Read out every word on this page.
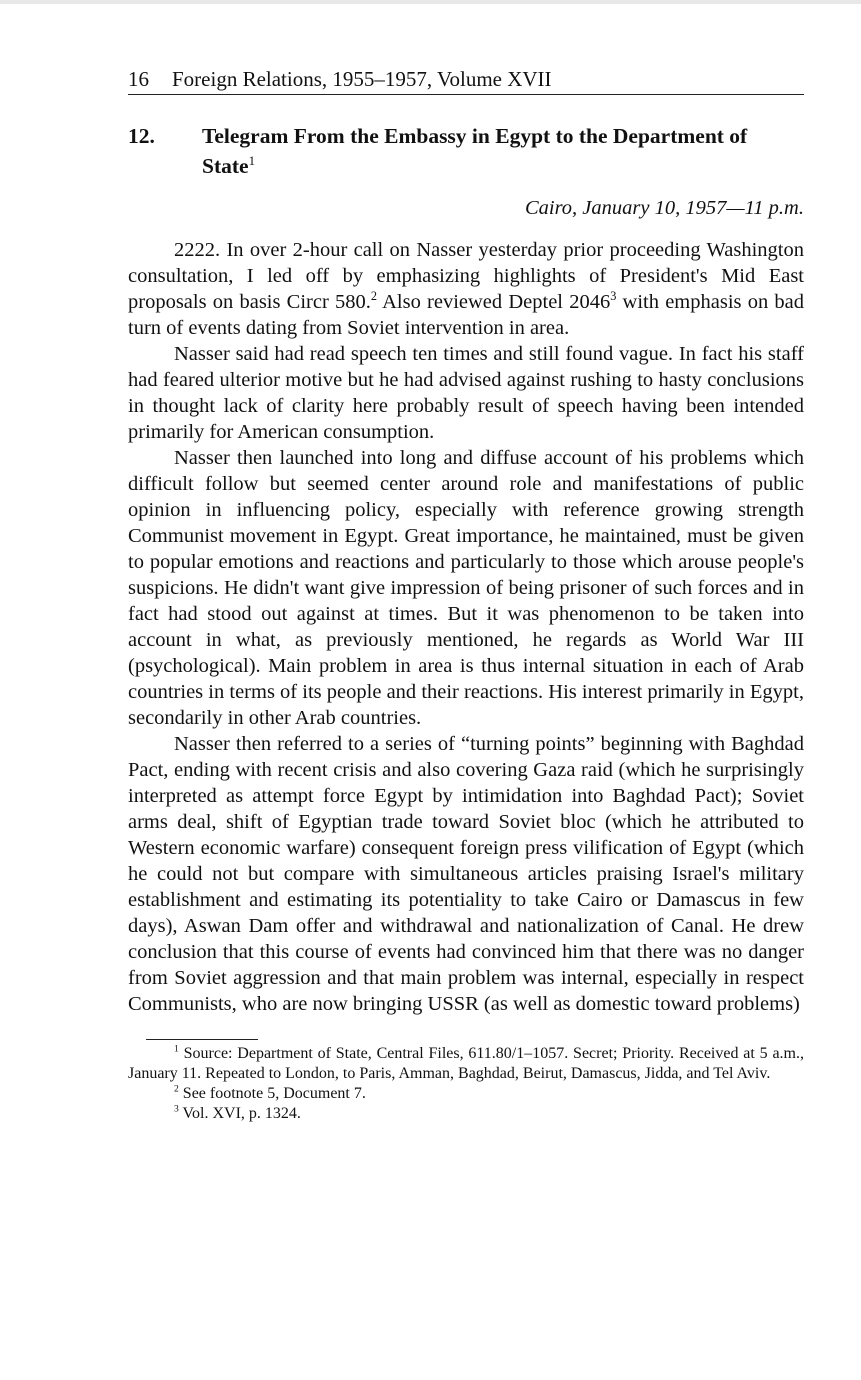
16 Foreign Relations, 1955–1957, Volume XVII
12.	Telegram From the Embassy in Egypt to the Department of State$^1$
Cairo, January 10, 1957—11 p.m.

2222. In over 2-hour call on Nasser yesterday prior proceeding Washington consultation, I led off by emphasizing highlights of President's Mid East proposals on basis Circr 580.$^2$ Also reviewed Deptel 2046$^3$ with emphasis on bad turn of events dating from Soviet intervention in area.

Nasser said had read speech ten times and still found vague. In fact his staff had feared ulterior motive but he had advised against rushing to hasty conclusions in thought lack of clarity here probably result of speech having been intended primarily for American consumption.

Nasser then launched into long and diffuse account of his problems which difficult follow but seemed center around role and manifestations of public opinion in influencing policy, especially with reference growing strength Communist movement in Egypt. Great importance, he maintained, must be given to popular emotions and reactions and particularly to those which arouse people's suspicions. He didn't want give impression of being prisoner of such forces and in fact had stood out against at times. But it was phenomenon to be taken into account in what, as previously mentioned, he regards as World War III (psychological). Main problem in area is thus internal situation in each of Arab countries in terms of its people and their reactions. His interest primarily in Egypt, secondarily in other Arab countries.

Nasser then referred to a series of “turning points” beginning with Baghdad Pact, ending with recent crisis and also covering Gaza raid (which he surprisingly interpreted as attempt force Egypt by intimidation into Baghdad Pact); Soviet arms deal, shift of Egyptian trade toward Soviet bloc (which he attributed to Western economic warfare) consequent foreign press vilification of Egypt (which he could not but compare with simultaneous articles praising Israel's military establishment and estimating its potentiality to take Cairo or Damascus in few days), Aswan Dam offer and withdrawal and nationalization of Canal. He drew conclusion that this course of events had convinced him that there was no danger from Soviet aggression and that main problem was internal, especially in respect Communists, who are now bringing USSR (as well as domestic toward problems)

$^1$ Source: Department of State, Central Files, 611.80/1–1057. Secret; Priority. Received at 5 a.m., January 11. Repeated to London, to Paris, Amman, Baghdad, Beirut, Damascus, Jidda, and Tel Aviv.

$^2$ See footnote 5, Document 7.

$^3$ Vol. XVI, p. 1324.
